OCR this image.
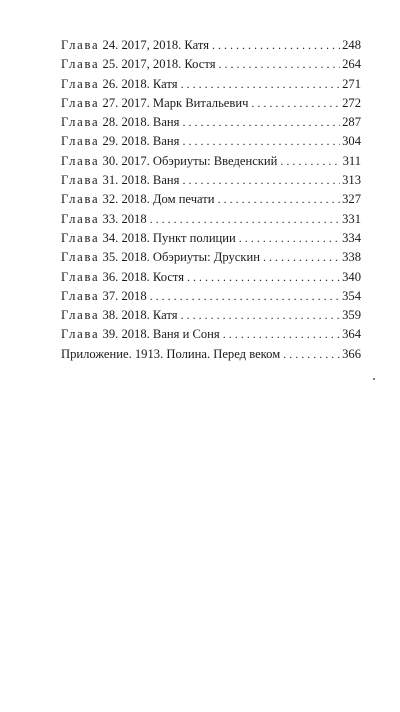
Глава 24. 2017, 2018. Катя . . .	248
Глава 25. 2017, 2018. Костя . . .	264
Глава 26. 2018. Катя . . .	271
Глава 27. 2017. Марк Витальевич . . .	272
Глава 28. 2018. Ваня . . .	287
Глава 29. 2018. Ваня . . .	304
Глава 30. 2017. Обэриуты: Введенский . . .	311
Глава 31. 2018. Ваня . . .	313
Глава 32. 2018. Дом печати . . .	327
Глава 33. 2018 . . .	331
Глава 34. 2018. Пункт полиции . . .	334
Глава 35. 2018. Обэриуты: Друскин . . .	338
Глава 36. 2018. Костя . . .	340
Глава 37. 2018 . . .	354
Глава 38. 2018. Катя . . .	359
Глава 39. 2018. Ваня и Соня . . .	364
Приложение. 1913. Полина. Перед веком . . .	366
